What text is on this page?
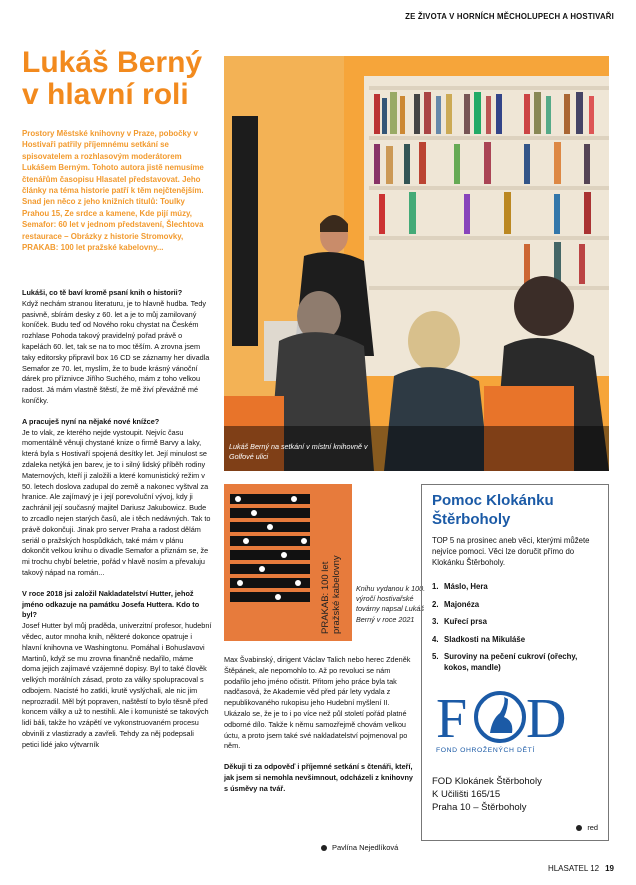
ZE ŽIVOTA V HORNÍCH MĚCHOLUPECH A HOSTIVAŘI
Lukáš Berný
v hlavní roli
Prostory Městské knihovny v Praze, pobočky v Hostivaři patřily příjemnému setkání se spisovatelem a rozhlasovým moderátorem Lukášem Berným. Tohoto autora jistě nemusíme čtenářům časopisu Hlasatel představovat. Jeho články na téma historie patří k těm nejčtenějším. Snad jen něco z jeho knižních titulů: Toulky Prahou 15, Ze srdce a kamene, Kde pijí múzy, Semafor: 60 let v jednom představení, Šlechtova restaurace – Obrázky z historie Stromovky, PRAKAB: 100 let pražské kabelovny...

Lukáši, co tě baví kromě psaní knih o historii?

Když nechám stranou literaturu, je to hlavně hudba. Tedy pasivně, sbírám desky z 60. let a je to můj zamilovaný koníček. Budu teď od Nového roku chystat na Českém rozhlase Pohoda takový pravidelný pořad právě o kapelách 60. let, tak se na to moc těším. A zrovna jsem taky editorsky připravil box 16 CD se záznamy her divadla Semafor ze 70. let, myslím, že to bude krásný vánoční dárek pro příznivce Jiřího Suchého, mám z toho velkou radost. Já mám vlastně štěstí, že mě živí převážně mé koníčky.

A pracuješ nyní na nějaké nové knížce?

Je to vlak, ze kterého nejde vystoupit. Nejvíc času momentálně věnuji chystané knize o firmě Barvy a laky, která byla s Hostivaří spojená desítky let. Její minulost se zdaleka netýká jen barev, je to i silný lidský příběh rodiny Maternových, kteří ji založili a které komunistický režim v 50. letech doslova zadupal do země a nakonec vyštval za hranice. Ale zajímavý je i její porevoluční vývoj, kdy ji zachránil její současný majitel Dariusz Jakubowicz. Bude to zrcadlo nejen starých časů, ale i těch nedávných. Tak to právě dokončuji. Jinak pro server Praha a radost dělám seriál o pražských hospůdkách, také mám v plánu dokončit velkou knihu o divadle Semafor a přiznám se, že mi trochu chybí beletrie, pořád v hlavě nosím a převaluju takový nápad na román...

V roce 2018 jsi založil Nakladatelství Hutter, jehož jméno odkazuje na památku Josefa Huttera. Kdo to byl?

Josef Hutter byl můj pradědа, univerzitní profesor, hudební vědec, autor mnoha knih, některé dokonce opatruje i hlavní knihovna ve Washingtonu. Pomáhal i Bohuslavovi Martinů, když se mu zrovna finančně nedařilo, máme doma jejich zajímavé vzájemné dopisy. Byl to také člověk velkých morálních zásad, proto za války spolupracoval s odbojem. Nacisté ho zatkli, krutě vyslýchali, ale nic jim neprozradil. Měl být popraven, naštěstí to bylo těsně před koncem války a už to nestihli. Ale i komunisté se takových lidí báli, takže ho vzápětí ve vykonstruovaném procesu obvinili z vlastizrady a zavřeli. Tehdy za něj podepsali petici lidé jako výtvarník

Lukáš Berný na setkání v místní knihovně v Golfové ulici
PRAKAB: 100 let pražské kabelovny Knihu vydanou k 100. výročí hostivařské továrny napsal Lukáš Berný v roce 2021

Max Švabinský, dirigent Václav Talich nebo herec Zdeněk Štěpánek, ale nepomohlo to. Až po revoluci se nám podařilo jeho jméno očistit. Přitom jeho práce byla tak nadčasová, že Akademie věd před pár lety vydala z nepublikovaného rukopisu jeho Hudební myšlení II. Ukázalo se, že je to i po více než půl století pořád platné odborné dílo. Takže k němu samozřejmě chovám velkou úctu, a proto jsem také své nakladatelství pojmenoval po něm.

Děkuji ti za odpověď i příjemné setkání s čtenáři, kteří, jak jsem si nemohla nevšimnout, odcházeli z knihovny s úsměvy na tvář.

Pavlína Nejedlíková
Pomoc Klokánku Štěrboholy
TOP 5 na prosinec aneb věci, kterými můžete nejvíce pomoci. Věci lze doručit přímo do Klokánku Štěrboholy.
1. Máslo, Hera
2. Majonéza
3. Kuřecí prsa
4. Sladkosti na Mikuláše
5. Suroviny na pečení cukroví (ořechy, kokos, mandle)
F D
FOND OHROŽENÝCH DĚTÍ
FOD Klokánek Štěrboholy
K Učilišti 165/15
Praha 10 – Štěrboholy
red
HLASATEL 12 19
